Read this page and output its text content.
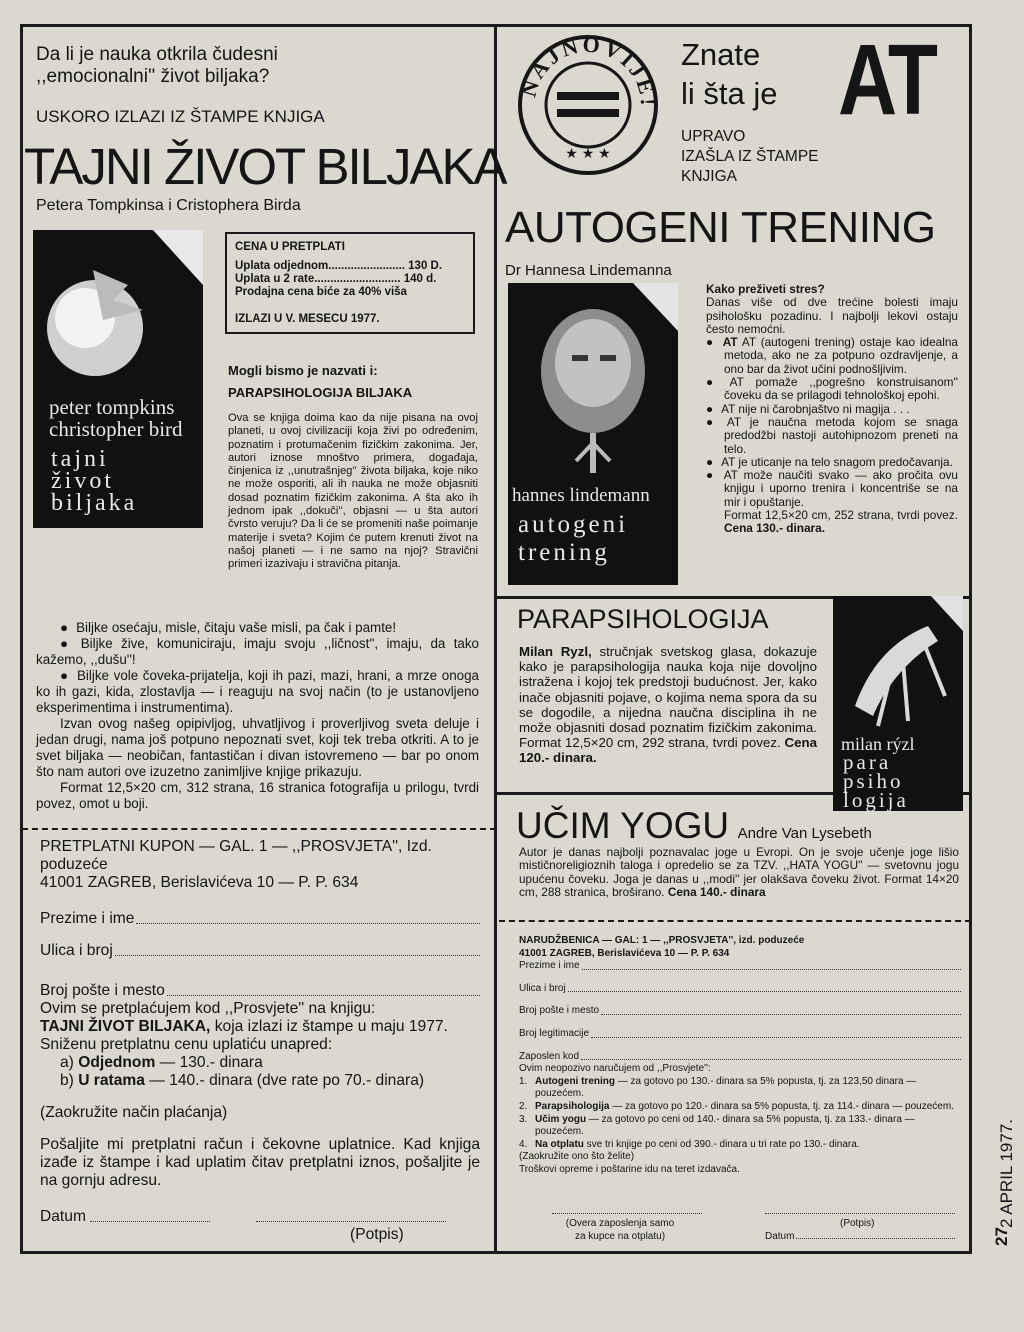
Da li je nauka otkrila čudesni
,,emocionalni'' život biljaka?
USKORO IZLAZI IZ ŠTAMPE KNJIGA
TAJNI ŽIVOT BILJAKA
Petera Tompkinsa i Cristophera Birda
peter tompkins
christopher bird
tajni
život
biljaka
CENA U PRETPLATI
Uplata odjednom........................ 130 D.
Uplata u 2 rate........................... 140 d.
Prodajna cena biće za 40% viša
IZLAZI U V. MESECU 1977.
Mogli bismo je nazvati i:
PARAPSIHOLOGIJA BILJAKA
Ova se knjiga doima kao da nije pisana na ovoj planeti, u ovoj civilizaciji koja živi po određenim, poznatim i protumačenim fizičkim zakonima. Jer, autori iznose mnoštvo primera, događaja, činjenica iz ,,unutrašnjeg'' života biljaka, koje niko ne može osporiti, ali ih nauka ne može objasniti dosad poznatim fizičkim zakonima. A šta ako ih jednom ipak ,,dokuči'', objasni — u šta autori čvrsto veruju? Da li će se promeniti naše poimanje materije i sveta? Kojim će putem krenuti život na našoj planeti — i ne samo na njoj? Stravični primeri izazivaju i stravična pitanja.
● Biljke osećaju, misle, čitaju vaše misli, pa čak i pamte!
● Biljke žive, komuniciraju, imaju svoju ,,ličnost'', imaju, da tako kažemo, ,,dušu''!
● Biljke vole čoveka-prijatelja, koji ih pazi, mazi, hrani, a mrze onoga ko ih gazi, kida, zlostavlja — i reaguju na svoj način (to je ustanovljeno eksperimentima i instrumentima).
Izvan ovog našeg opipivljog, uhvatljivog i proverljivog sveta deluje i jedan drugi, nama još potpuno nepoznati svet, koji tek treba otkriti. A to je svet biljaka — neobičan, fantastičan i divan istovremeno — bar po onom što nam autori ove izuzetno zanimljive knjige prikazuju.
Format 12,5×20 cm, 312 strana, 16 stranica fotografija u prilogu, tvrdi povez, omot u boji.
PRETPLATNI KUPON — GAL. 1 — ,,PROSVJETA'', Izd.
poduzeće
41001 ZAGREB, Berislavićeva 10 — P. P. 634
Prezime i ime
Ulica i broj
Broj pošte i mesto
Ovim se pretplaćujem kod ,,Prosvjete'' na knjigu:
TAJNI ŽIVOT BILJAKA, koja izlazi iz štampe u maju 1977.
Sniženu pretplatnu cenu uplatiću unapred:
a) Odjednom — 130.- dinara
b) U ratama — 140.- dinara (dve rate po 70.- dinara)
(Zaokružite način plaćanja)
Pošaljite mi pretplatni račun i čekovne uplatnice. Kad knjiga izađe iz štampe i kad uplatim čitav pretplatni iznos, pošaljite je na gornju adresu.
Datum
(Potpis)
NAJNOVIJE!
★ ★ ★
Znate
li šta je AT
UPRAVO
IZAŠLA IZ ŠTAMPE
KNJIGA
AUTOGENI TRENING
Dr Hannesa Lindemanna
hannes lindemann
autogeni
trening
Kako preživeti stres?
Danas više od dve trećine bolesti imaju psihološku pozadinu. I najbolji lekovi ostaju često nemoćni.
● AT AT (autogeni trening) ostaje kao idealna metoda, ako ne za potpuno ozdravljenje, a ono bar da život učini podnošljivim.
● AT pomaže ,,pogrešno konstruisanom'' čoveku da se prilagodi tehnološkoj epohi.
● AT nije ni čarobnjaštvo ni magija . . .
● AT je naučna metoda kojom se snaga predodžbi nastoji autohipnozom preneti na telo.
● AT je uticanje na telo snagom predočavanja.
● AT može naučiti svako — ako pročita ovu knjigu i uporno trenira i koncentriše se na mir i opuštanje.
Format 12,5×20 cm, 252 strana, tvrdi povez. Cena 130.- dinara.
PARAPSIHOLOGIJA
Milan Ryzl, stručnjak svetskog glasa, dokazuje kako je parapsihologija nauka koja nije dovoljno istražena i kojoj tek predstoji budućnost. Jer, kako inače objasniti pojave, o kojima nema spora da su se dogodile, a nijedna naučna disciplina ih ne može objasniti dosad poznatim fizičkim zakonima. Format 12,5×20 cm, 292 strana, tvrdi povez. Cena 120.- dinara.
milan rýzl
para
psiho
logija
UČIM YOGU Andre Van Lysebeth
Autor je danas najbolji poznavalac joge u Evropi. On je svoje učenje joge lišio mističnoreligioznih taloga i opredelio se za TZV. ,,HATA YOGU'' — svetovnu jogu upućenu čoveku. Joga je danas u ,,modi'' jer olakšava čoveku život. Format 14×20 cm, 288 stranica, broširano. Cena 140.- dinara
NARUDŽBENICA — GAL: 1 — ,,PROSVJETA'', izd. poduzeće
41001 ZAGREB, Berislavićeva 10 — P. P. 634
Prezime i ime
Ulica i broj
Broj pošte i mesto
Broj legitimacije
Zaposlen kod
Ovim neopozivo naručujem od ,,Prosvjete'':
1. Autogeni trening — za gotovo po 130.- dinara sa 5% popusta, tj. za 123,50 dinara — pouzećem.
2. Parapsihologija — za gotovo po 120.- dinara sa 5% popusta, tj. za 114.- dinara — pouzećem.
3. Učim yogu — za gotovo po ceni od 140.- dinara sa 5% popusta, tj. za 133.- dinara — pouzećem.
4. Na otplatu sve tri knjige po ceni od 390.- dinara u tri rate po 130.- dinara.
(Zaokružite ono što želite)
Troškovi opreme i poštarine idu na teret izdavača.
(Overa zaposlenja samo
za kupce na otplatu)
(Potpis)
Datum
2 APRIL 1977.
27
